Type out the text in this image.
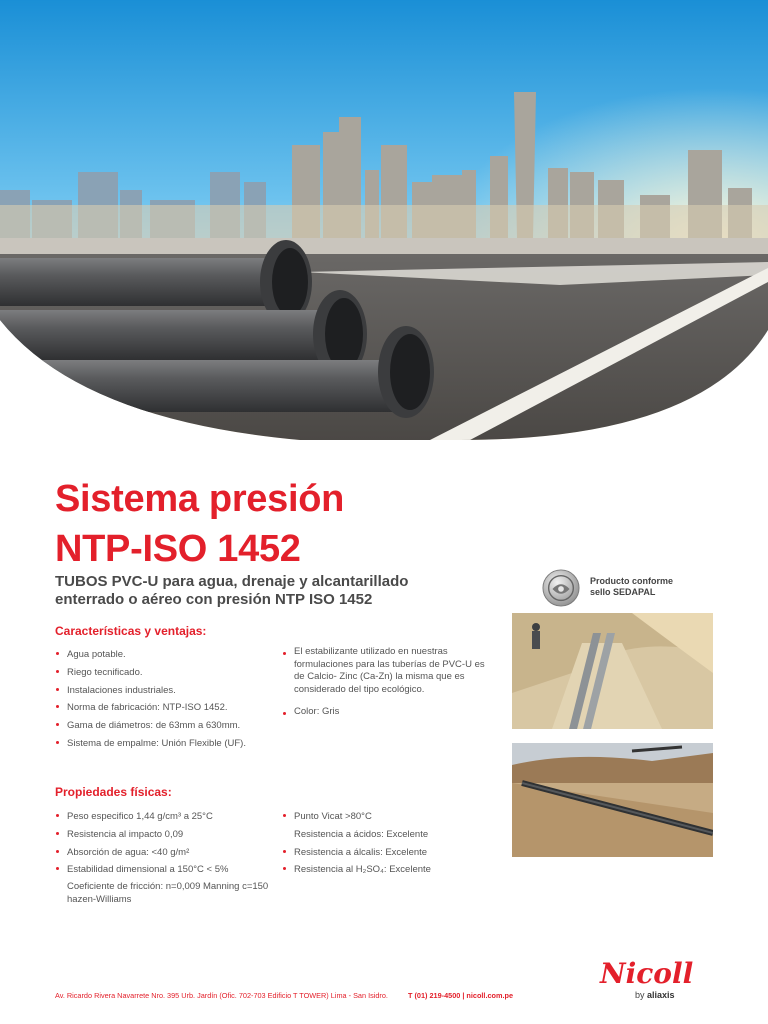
Sistema presión
NTP-ISO 1452
TUBOS PVC-U para agua, drenaje y alcantarillado
enterrado o aéreo con presión NTP ISO 1452
Características y ventajas:
Agua potable.
Riego tecnificado.
Instalaciones industriales.
Norma de fabricación: NTP-ISO 1452.
Gama de diámetros: de 63mm a 630mm.
Sistema de empalme: Unión Flexible (UF).
El estabilizante utilizado en nuestras formulaciones para las tuberías de PVC-U es de Calcio- Zinc (Ca-Zn) la misma que es considerado del tipo ecológico.
Color: Gris
Propiedades físicas:
Peso especifico 1,44 g/cm³ a 25°C
Resistencia al impacto 0,09
Absorción de agua: <40 g/m²
Estabilidad dimensional a 150°C < 5%
Coeficiente de fricción: n=0,009 Manning c=150 hazen-Williams
Punto Vicat >80°C
Resistencia a ácidos: Excelente
Resistencia a álcalis: Excelente
Resistencia al H₂SO₄: Excelente
Producto conforme
sello SEDAPAL
Av. Ricardo Rivera Navarrete Nro. 395 Urb. Jardín (Ofic. 702-703 Edificio T TOWER) Lima - San Isidro.	T (01) 219-4500 | nicoll.com.pe
Nicoll
by aliaxis
